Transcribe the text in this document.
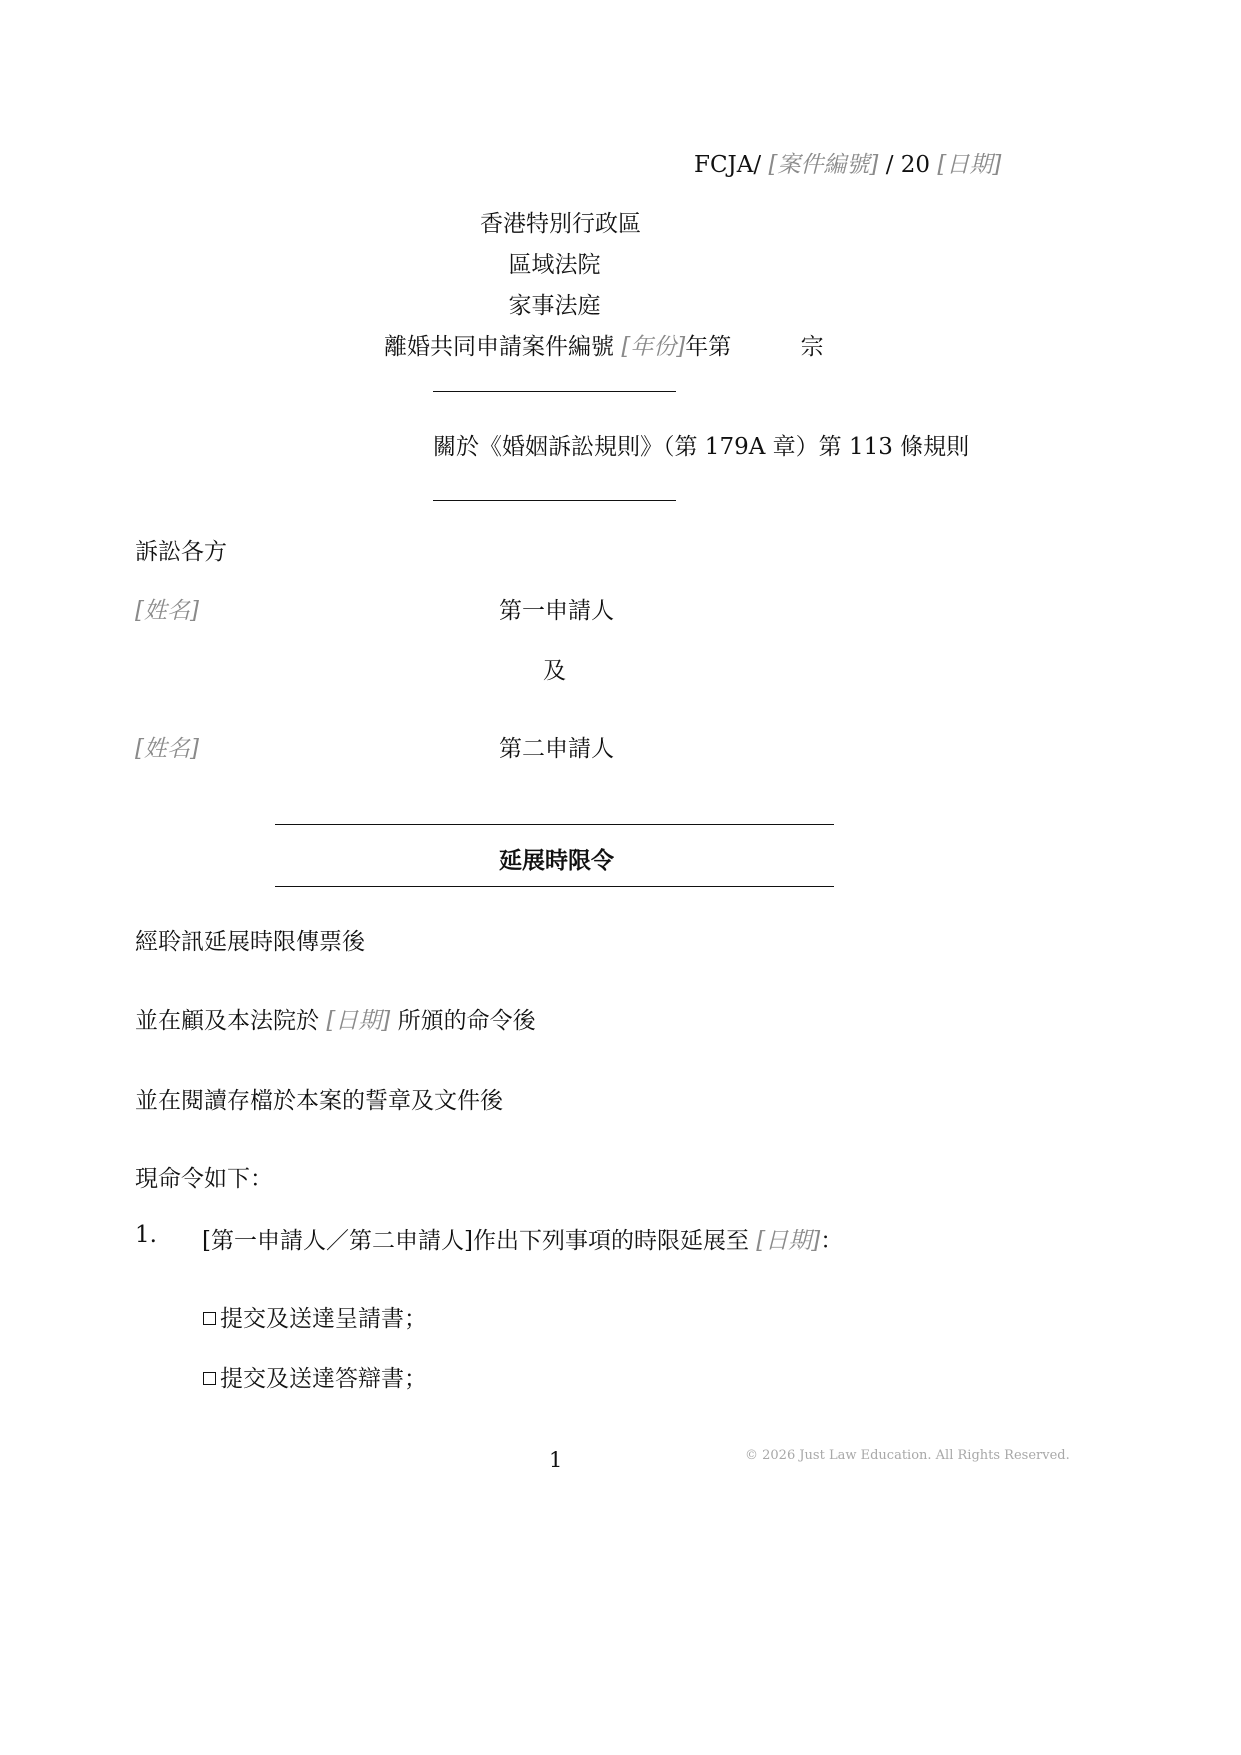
FCJA/ [案件編號] / 20 [日期]
香港特別行政區
區域法院
家事法庭
離婚共同申請案件編號 [年份]年第	宗
關於《婚姻訴訟規則》（第 179A 章）第 113 條規則
訴訟各方
[姓名]	第一申請人
及
[姓名]	第二申請人
延展時限令
經聆訊延展時限傳票後
並在顧及本法院於 [日期] 所頒的命令後
並在閱讀存檔於本案的誓章及文件後
現命令如下：
1. [第一申請人／第二申請人]作出下列事項的時限延展至 [日期]：
提交及送達呈請書；
提交及送達答辯書；
1	© 2026 Just Law Education. All Rights Reserved.
